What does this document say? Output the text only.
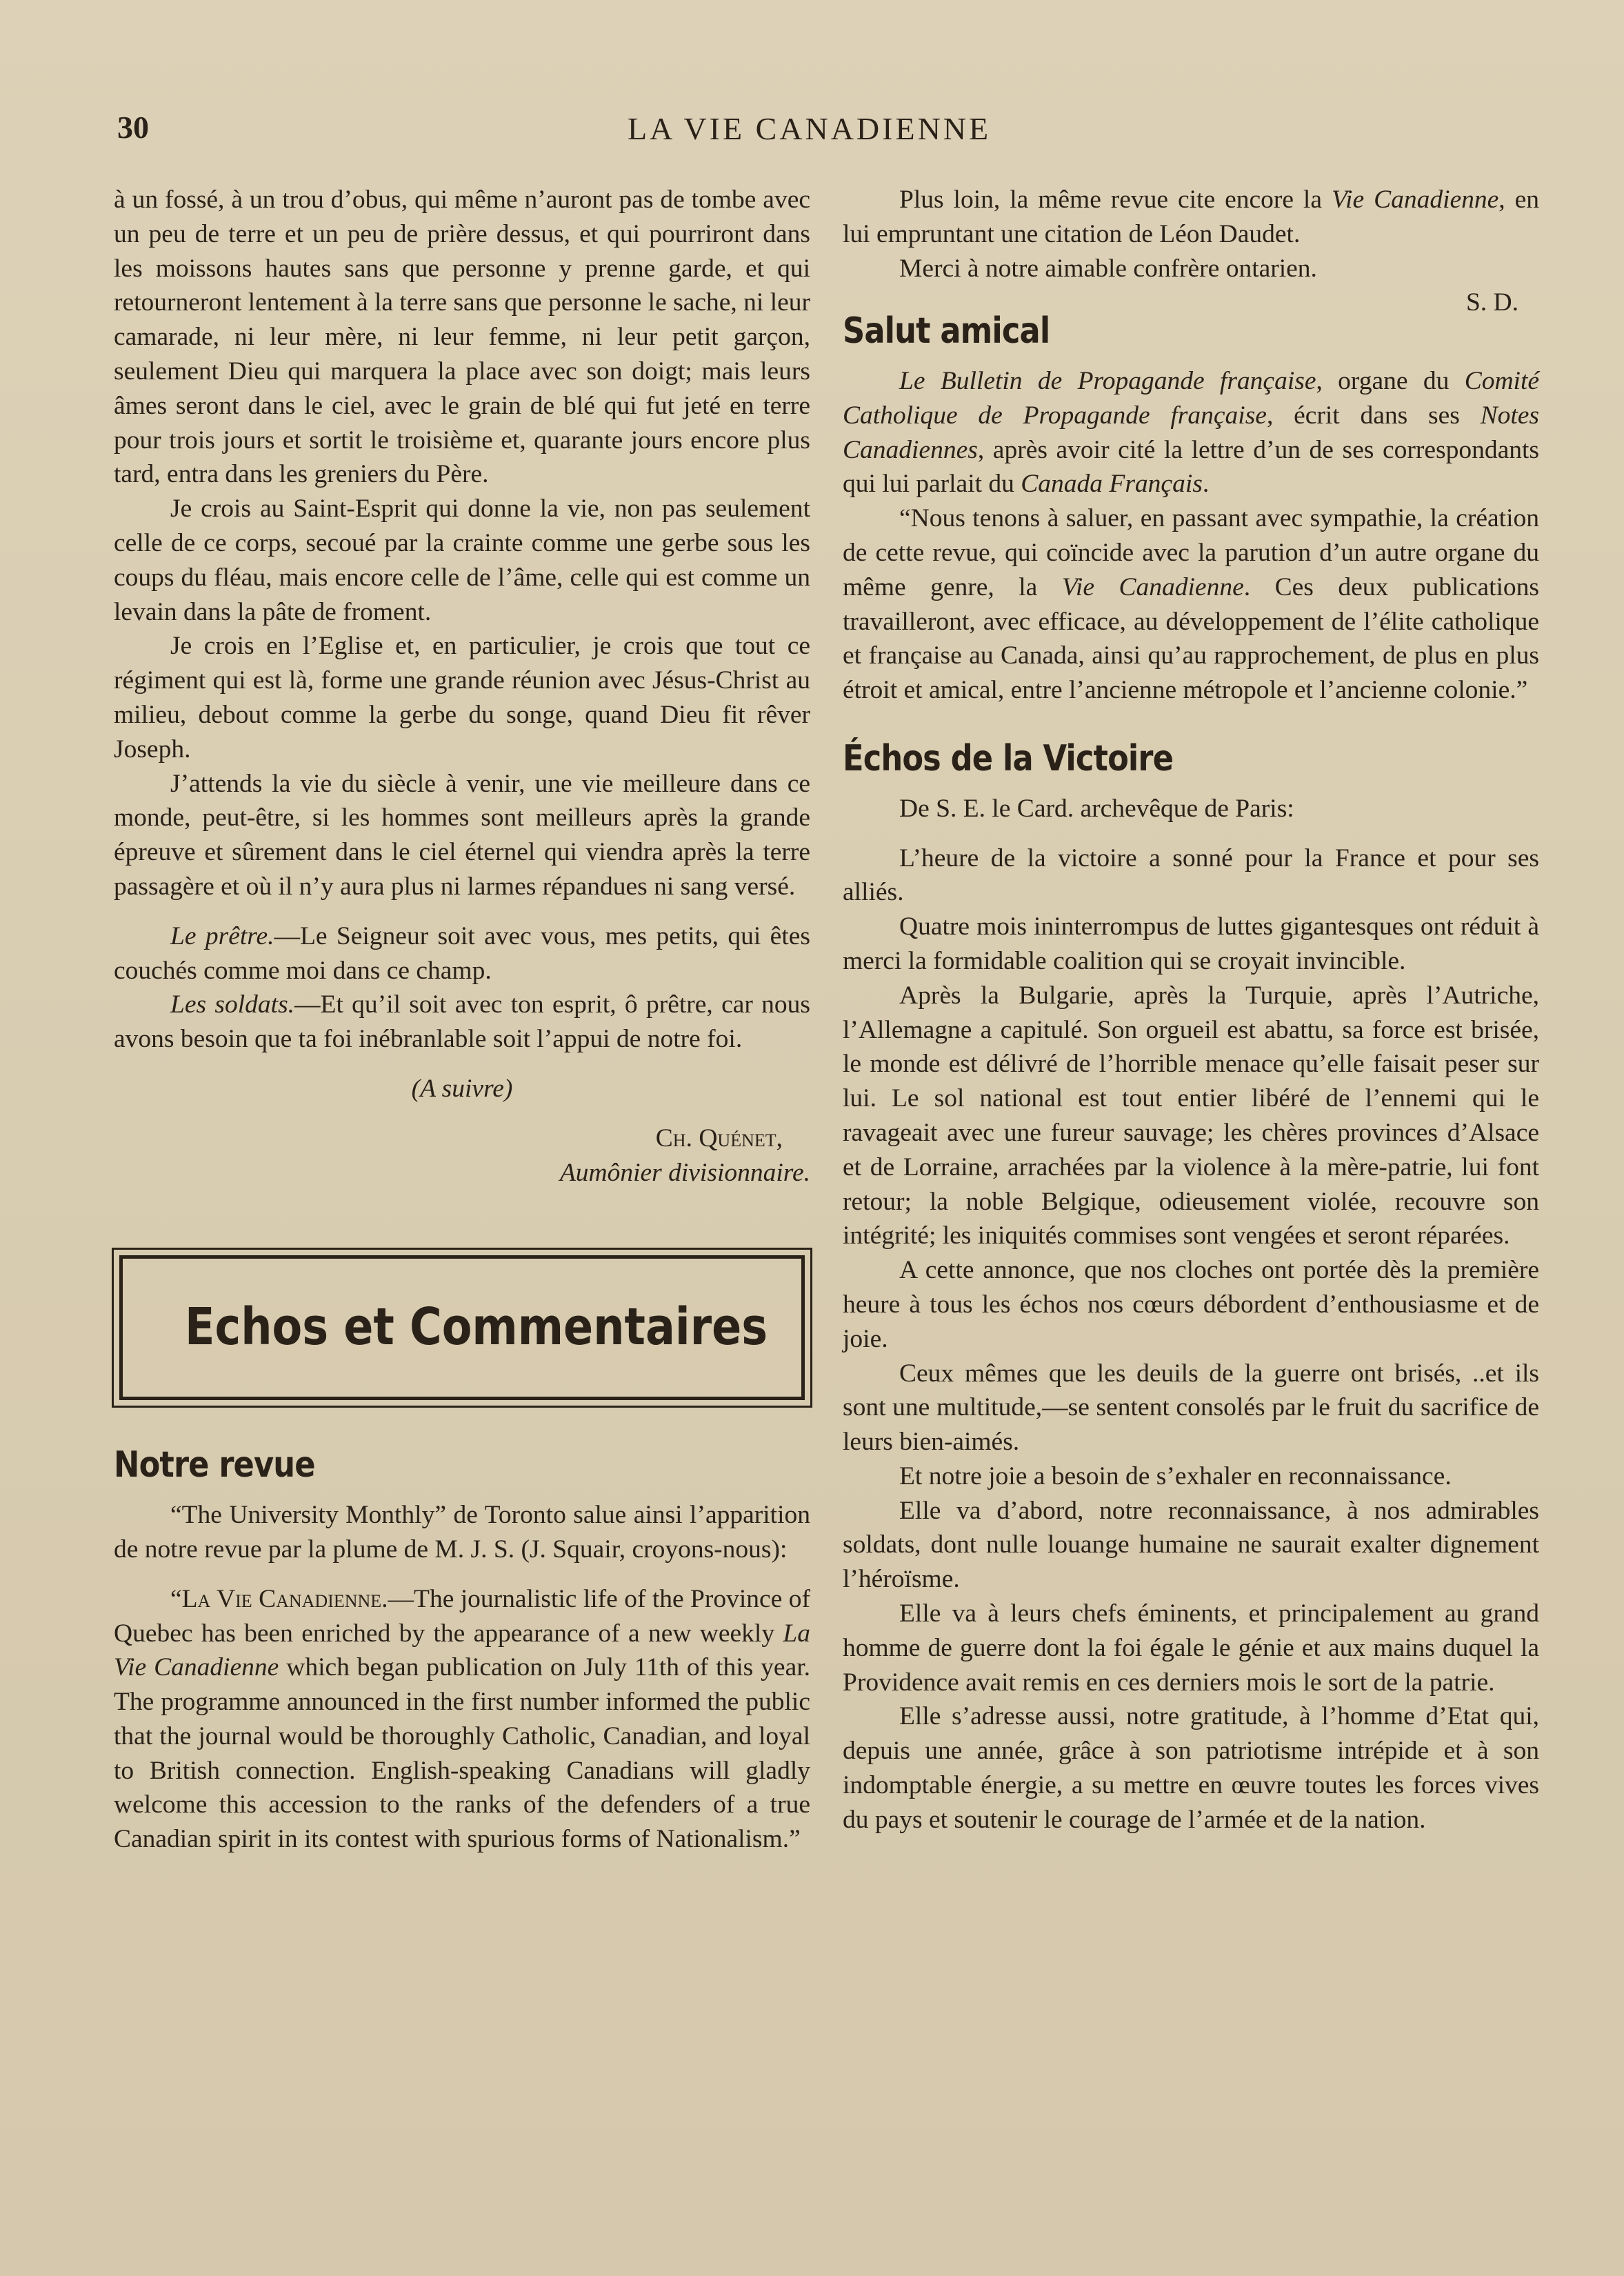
30	LA VIE CANADIENNE

à un fossé, à un trou d’obus, qui même n’auront pas de tombe avec un peu de terre et un peu de prière dessus, et qui pourriront dans les moissons hautes sans que personne y prenne garde, et qui retourneront lentement à la terre sans que personne le sache, ni leur camarade, ni leur mère, ni leur femme, ni leur petit garçon, seulement Dieu qui marquera la place avec son doigt; mais leurs âmes seront dans le ciel, avec le grain de blé qui fut jeté en terre pour trois jours et sortit le troisième et, quarante jours encore plus tard, entra dans les greniers du Père.

Je crois au Saint-Esprit qui donne la vie, non pas seulement celle de ce corps, secoué par la crainte comme une gerbe sous les coups du fléau, mais encore celle de l’âme, celle qui est comme un levain dans la pâte de froment.

Je crois en l’Eglise et, en particulier, je crois que tout ce régiment qui est là, forme une grande réunion avec Jésus-Christ au milieu, debout comme la gerbe du songe, quand Dieu fit rêver Joseph.

J’attends la vie du siècle à venir, une vie meilleure dans ce monde, peut-être, si les hommes sont meilleurs après la grande épreuve et sûrement dans le ciel éternel qui viendra après la terre passagère et où il n’y aura plus ni larmes répandues ni sang versé.

Le prêtre.—Le Seigneur soit avec vous, mes petits, qui êtes couchés comme moi dans ce champ.

Les soldats.—Et qu’il soit avec ton esprit, ô prêtre, car nous avons besoin que ta foi inébranlable soit l’appui de notre foi.

(A suivre)

Ch. Quénet,

Aumônier divisionnaire.

Echos et Commentaires

Notre revue

“The University Monthly” de Toronto salue ainsi l’apparition de notre revue par la plume de M. J. S. (J. Squair, croyons-nous):

“La Vie Canadienne.—The journalistic life of the Province of Quebec has been enriched by the appearance of a new weekly La Vie Canadienne which began publication on July 11th of this year. The programme announced in the first number informed the public that the journal would be thoroughly Catholic, Canadian, and loyal to British connection. English-speaking Canadians will gladly welcome this accession to the ranks of the defenders of a true Canadian spirit in its contest with spurious forms of Nationalism.”

Plus loin, la même revue cite encore la Vie Canadienne, en lui empruntant une citation de Léon Daudet.

Merci à notre aimable confrère ontarien.

S. D.

Salut amical

Le Bulletin de Propagande française, organe du Comité Catholique de Propagande française, écrit dans ses Notes Canadiennes, après avoir cité la lettre d’un de ses correspondants qui lui parlait du Canada Français.

“Nous tenons à saluer, en passant avec sympathie, la création de cette revue, qui coïncide avec la parution d’un autre organe du même genre, la Vie Canadienne. Ces deux publications travailleront, avec efficace, au développement de l’élite catholique et française au Canada, ainsi qu’au rapprochement, de plus en plus étroit et amical, entre l’ancienne métropole et l’ancienne colonie.”

Échos de la Victoire

De S. E. le Card. archevêque de Paris:

L’heure de la victoire a sonné pour la France et pour ses alliés.

Quatre mois ininterrompus de luttes gigantesques ont réduit à merci la formidable coalition qui se croyait invincible.

Après la Bulgarie, après la Turquie, après l’Autriche, l’Allemagne a capitulé. Son orgueil est abattu, sa force est brisée, le monde est délivré de l’horrible menace qu’elle faisait peser sur lui. Le sol national est tout entier libéré de l’ennemi qui le ravageait avec une fureur sauvage; les chères provinces d’Alsace et de Lorraine, arrachées par la violence à la mère-patrie, lui font retour; la noble Belgique, odieusement violée, recouvre son intégrité; les iniquités commises sont vengées et seront réparées.

A cette annonce, que nos cloches ont portée dès la première heure à tous les échos nos cœurs débordent d’enthousiasme et de joie.

Ceux mêmes que les deuils de la guerre ont brisés, ..et ils sont une multitude,—se sentent consolés par le fruit du sacrifice de leurs bien-aimés.

Et notre joie a besoin de s’exhaler en reconnaissance.

Elle va d’abord, notre reconnaissance, à nos admirables soldats, dont nulle louange humaine ne saurait exalter dignement l’héroïsme.

Elle va à leurs chefs éminents, et principalement au grand homme de guerre dont la foi égale le génie et aux mains duquel la Providence avait remis en ces derniers mois le sort de la patrie.

Elle s’adresse aussi, notre gratitude, à l’homme d’Etat qui, depuis une année, grâce à son patriotisme intrépide et à son indomptable énergie, a su mettre en œuvre toutes les forces vives du pays et soutenir le courage de l’armée et de la nation.
